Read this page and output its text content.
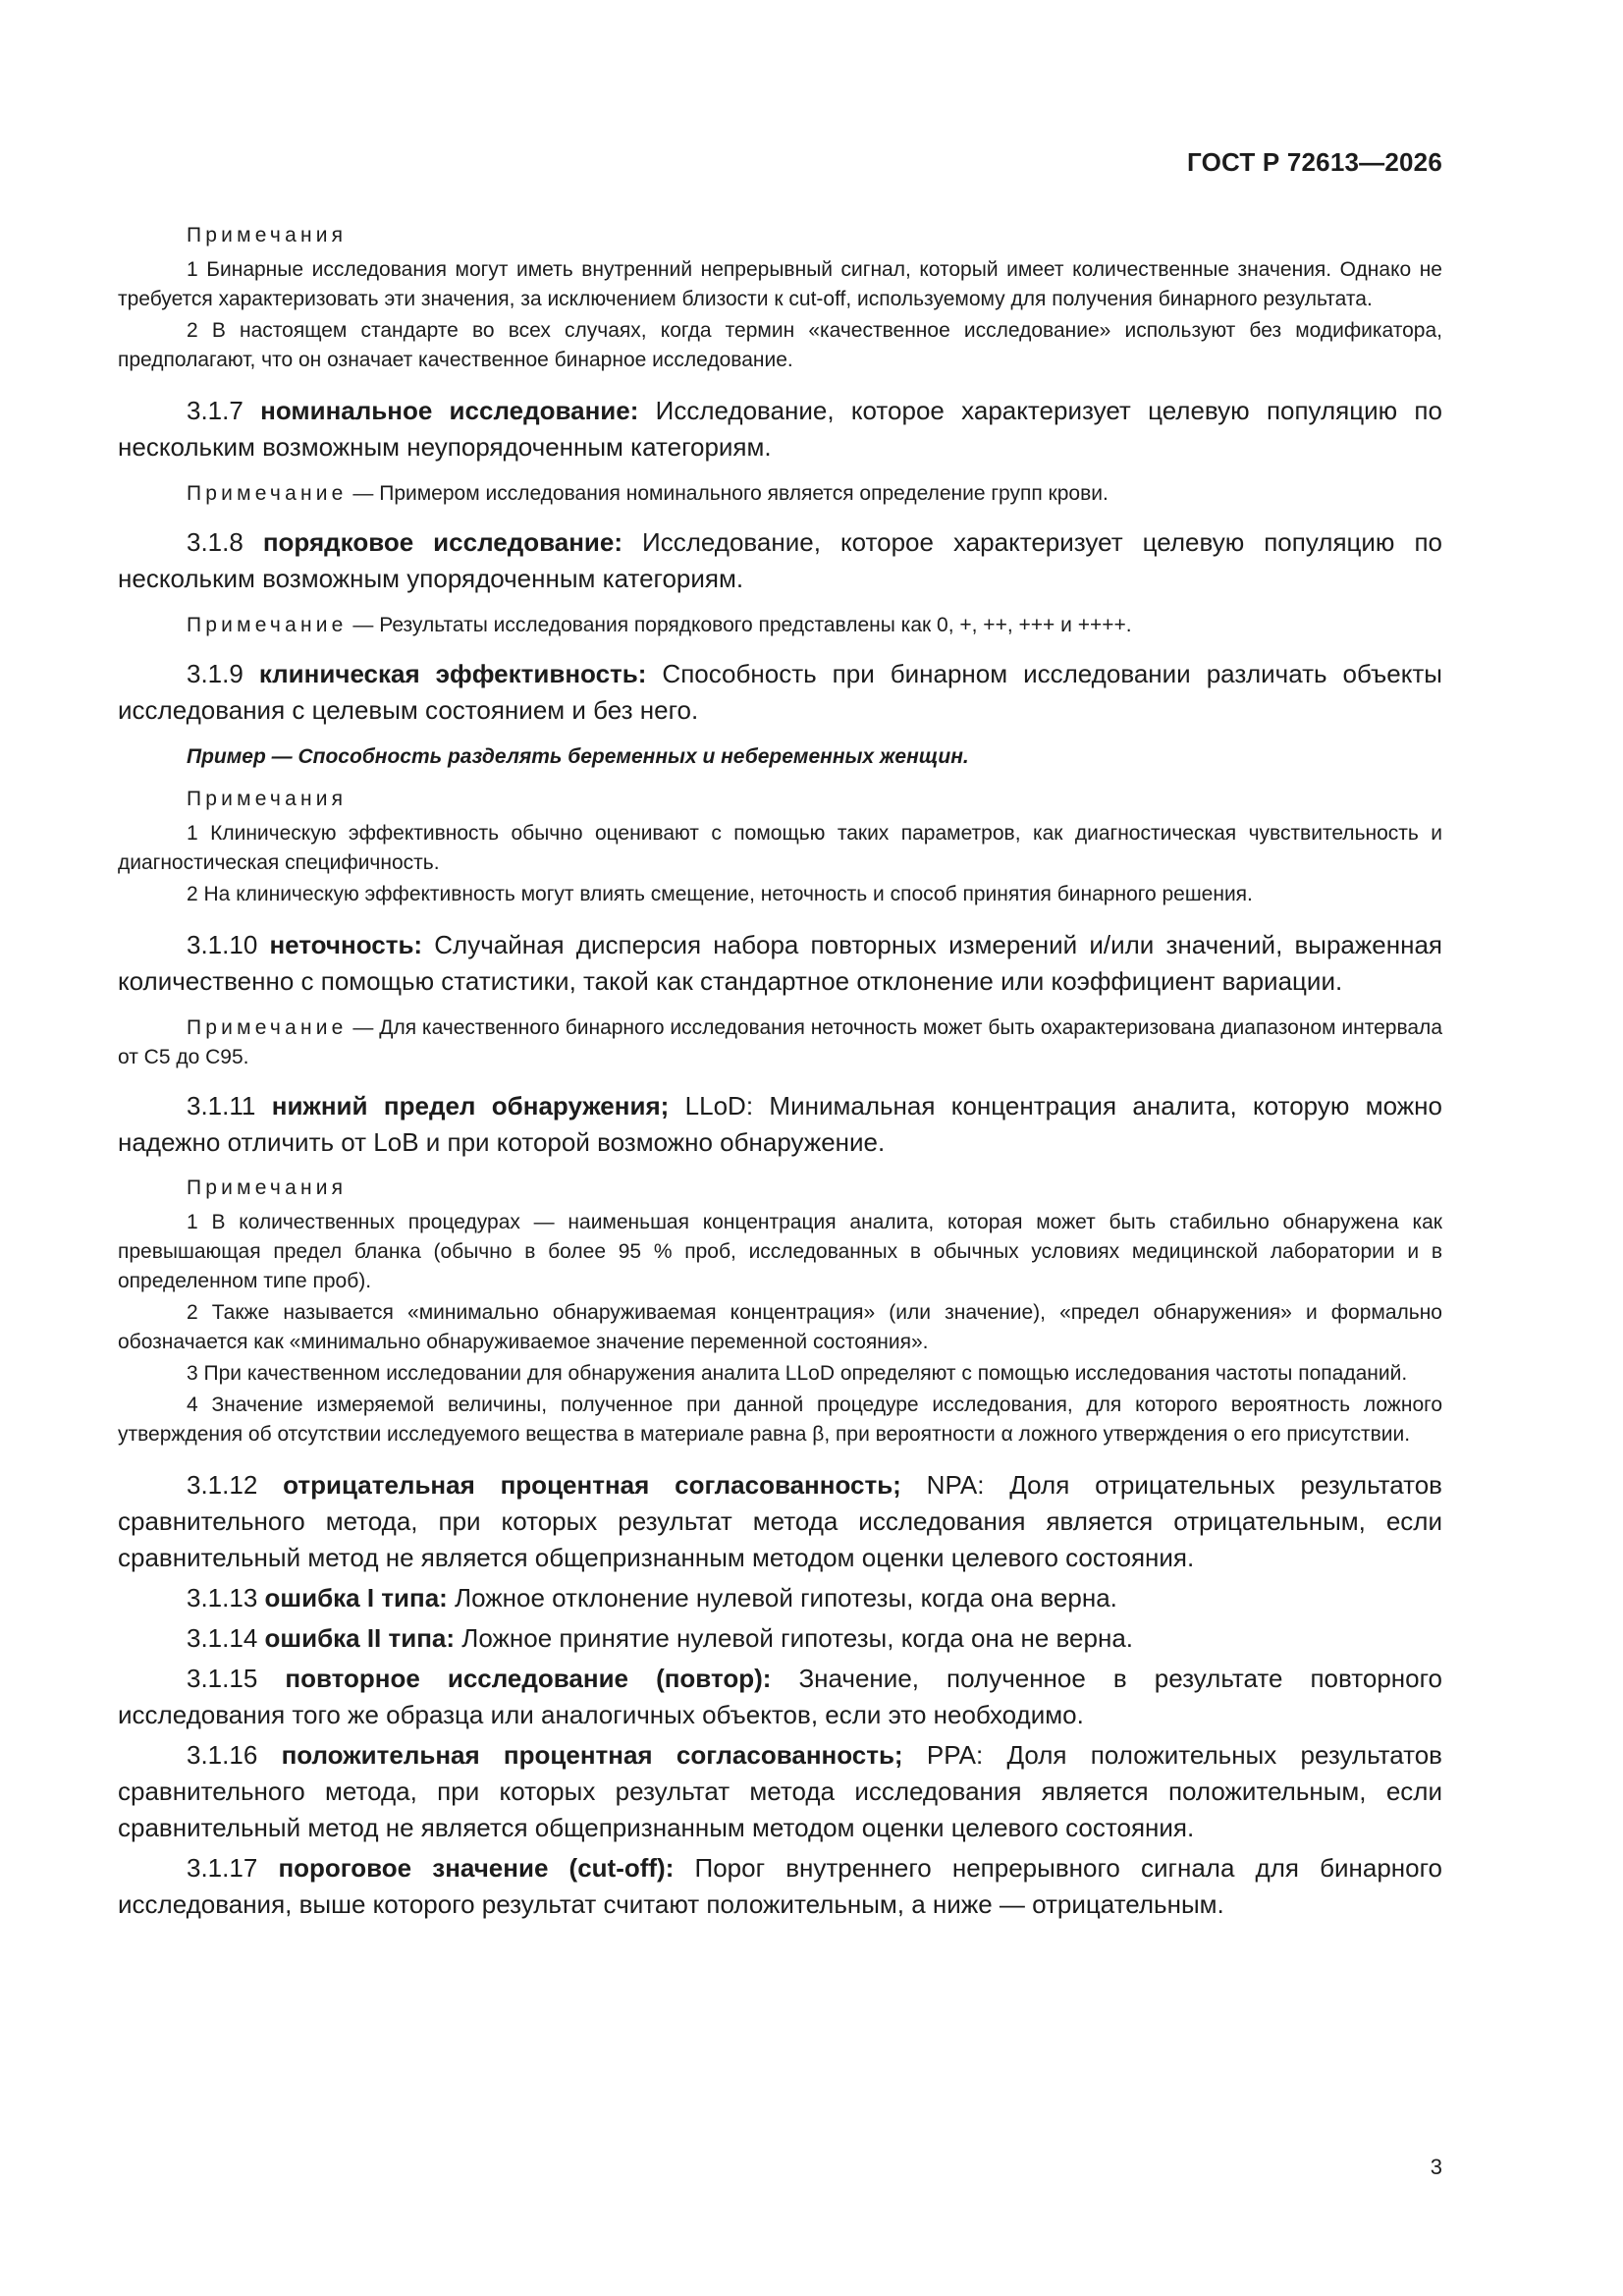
ГОСТ Р 72613—2026
Примечания

1 Бинарные исследования могут иметь внутренний непрерывный сигнал, который имеет количественные значения. Однако не требуется характеризовать эти значения, за исключением близости к cut-off, используемому для получения бинарного результата.

2 В настоящем стандарте во всех случаях, когда термин «качественное исследование» используют без модификатора, предполагают, что он означает качественное бинарное исследование.

3.1.7 номинальное исследование: Исследование, которое характеризует целевую популяцию по нескольким возможным неупорядоченным категориям.

Примечание — Примером исследования номинального является определение групп крови.

3.1.8 порядковое исследование: Исследование, которое характеризует целевую популяцию по нескольким возможным упорядоченным категориям.

Примечание — Результаты исследования порядкового представлены как 0, +, ++, +++ и ++++.

3.1.9 клиническая эффективность: Способность при бинарном исследовании различать объекты исследования с целевым состоянием и без него.

Пример — Способность разделять беременных и небеременных женщин.

Примечания

1 Клиническую эффективность обычно оценивают с помощью таких параметров, как диагностическая чувствительность и диагностическая специфичность.

2 На клиническую эффективность могут влиять смещение, неточность и способ принятия бинарного решения.

3.1.10 неточность: Случайная дисперсия набора повторных измерений и/или значений, выраженная количественно с помощью статистики, такой как стандартное отклонение или коэффициент вариации.

Примечание — Для качественного бинарного исследования неточность может быть охарактеризована диапазоном интервала от C5 до C95.

3.1.11 нижний предел обнаружения; LLoD: Минимальная концентрация аналита, которую можно надежно отличить от LoB и при которой возможно обнаружение.

Примечания

1 В количественных процедурах — наименьшая концентрация аналита, которая может быть стабильно обнаружена как превышающая предел бланка (обычно в более 95 % проб, исследованных в обычных условиях медицинской лаборатории и в определенном типе проб).

2 Также называется «минимально обнаруживаемая концентрация» (или значение), «предел обнаружения» и формально обозначается как «минимально обнаруживаемое значение переменной состояния».

3 При качественном исследовании для обнаружения аналита LLoD определяют с помощью исследования частоты попаданий.

4 Значение измеряемой величины, полученное при данной процедуре исследования, для которого вероятность ложного утверждения об отсутствии исследуемого вещества в материале равна β, при вероятности α ложного утверждения о его присутствии.

3.1.12 отрицательная процентная согласованность; NPA: Доля отрицательных результатов сравнительного метода, при которых результат метода исследования является отрицательным, если сравнительный метод не является общепризнанным методом оценки целевого состояния.

3.1.13 ошибка I типа: Ложное отклонение нулевой гипотезы, когда она верна.

3.1.14 ошибка II типа: Ложное принятие нулевой гипотезы, когда она не верна.

3.1.15 повторное исследование (повтор): Значение, полученное в результате повторного исследования того же образца или аналогичных объектов, если это необходимо.

3.1.16 положительная процентная согласованность; PPA: Доля положительных результатов сравнительного метода, при которых результат метода исследования является положительным, если сравнительный метод не является общепризнанным методом оценки целевого состояния.

3.1.17 пороговое значение (cut-off): Порог внутреннего непрерывного сигнала для бинарного исследования, выше которого результат считают положительным, а ниже — отрицательным.

3
